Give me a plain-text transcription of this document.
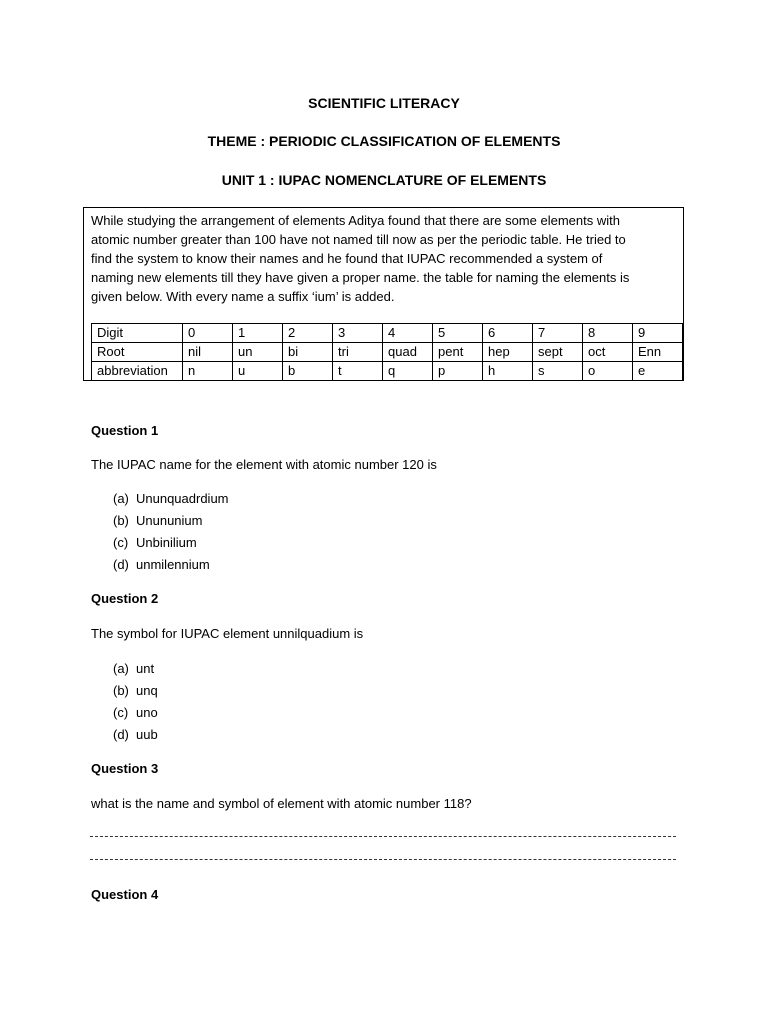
SCIENTIFIC LITERACY
THEME : PERIODIC CLASSIFICATION OF ELEMENTS
UNIT 1 : IUPAC NOMENCLATURE OF ELEMENTS
While studying the arrangement of elements Aditya found that there are some elements with
atomic number greater than 100 have not named till now as per the periodic table. He tried to
find the system to know their names and he found that IUPAC recommended a system of
naming new elements till they have given a proper name. the table for naming the elements is
given below. With every name a suffix ‘ium’ is added.
Digit	0	1	2	3	4	5	6	7	8	9
Root	nil	un	bi	tri	quad	pent	hep	sept	oct	Enn
abbreviation	n	u	b	t	q	p	h	s	o	e
Question 1
The IUPAC name for the element with atomic number 120 is
(a) Ununquadrdium
(b) Unununium
(c) Unbinilium
(d) unmilennium
Question 2
The symbol for IUPAC element unnilquadium is
(a) unt
(b) unq
(c) uno
(d) uub
Question 3
what is the name and symbol of element with atomic number 118?
Question 4
